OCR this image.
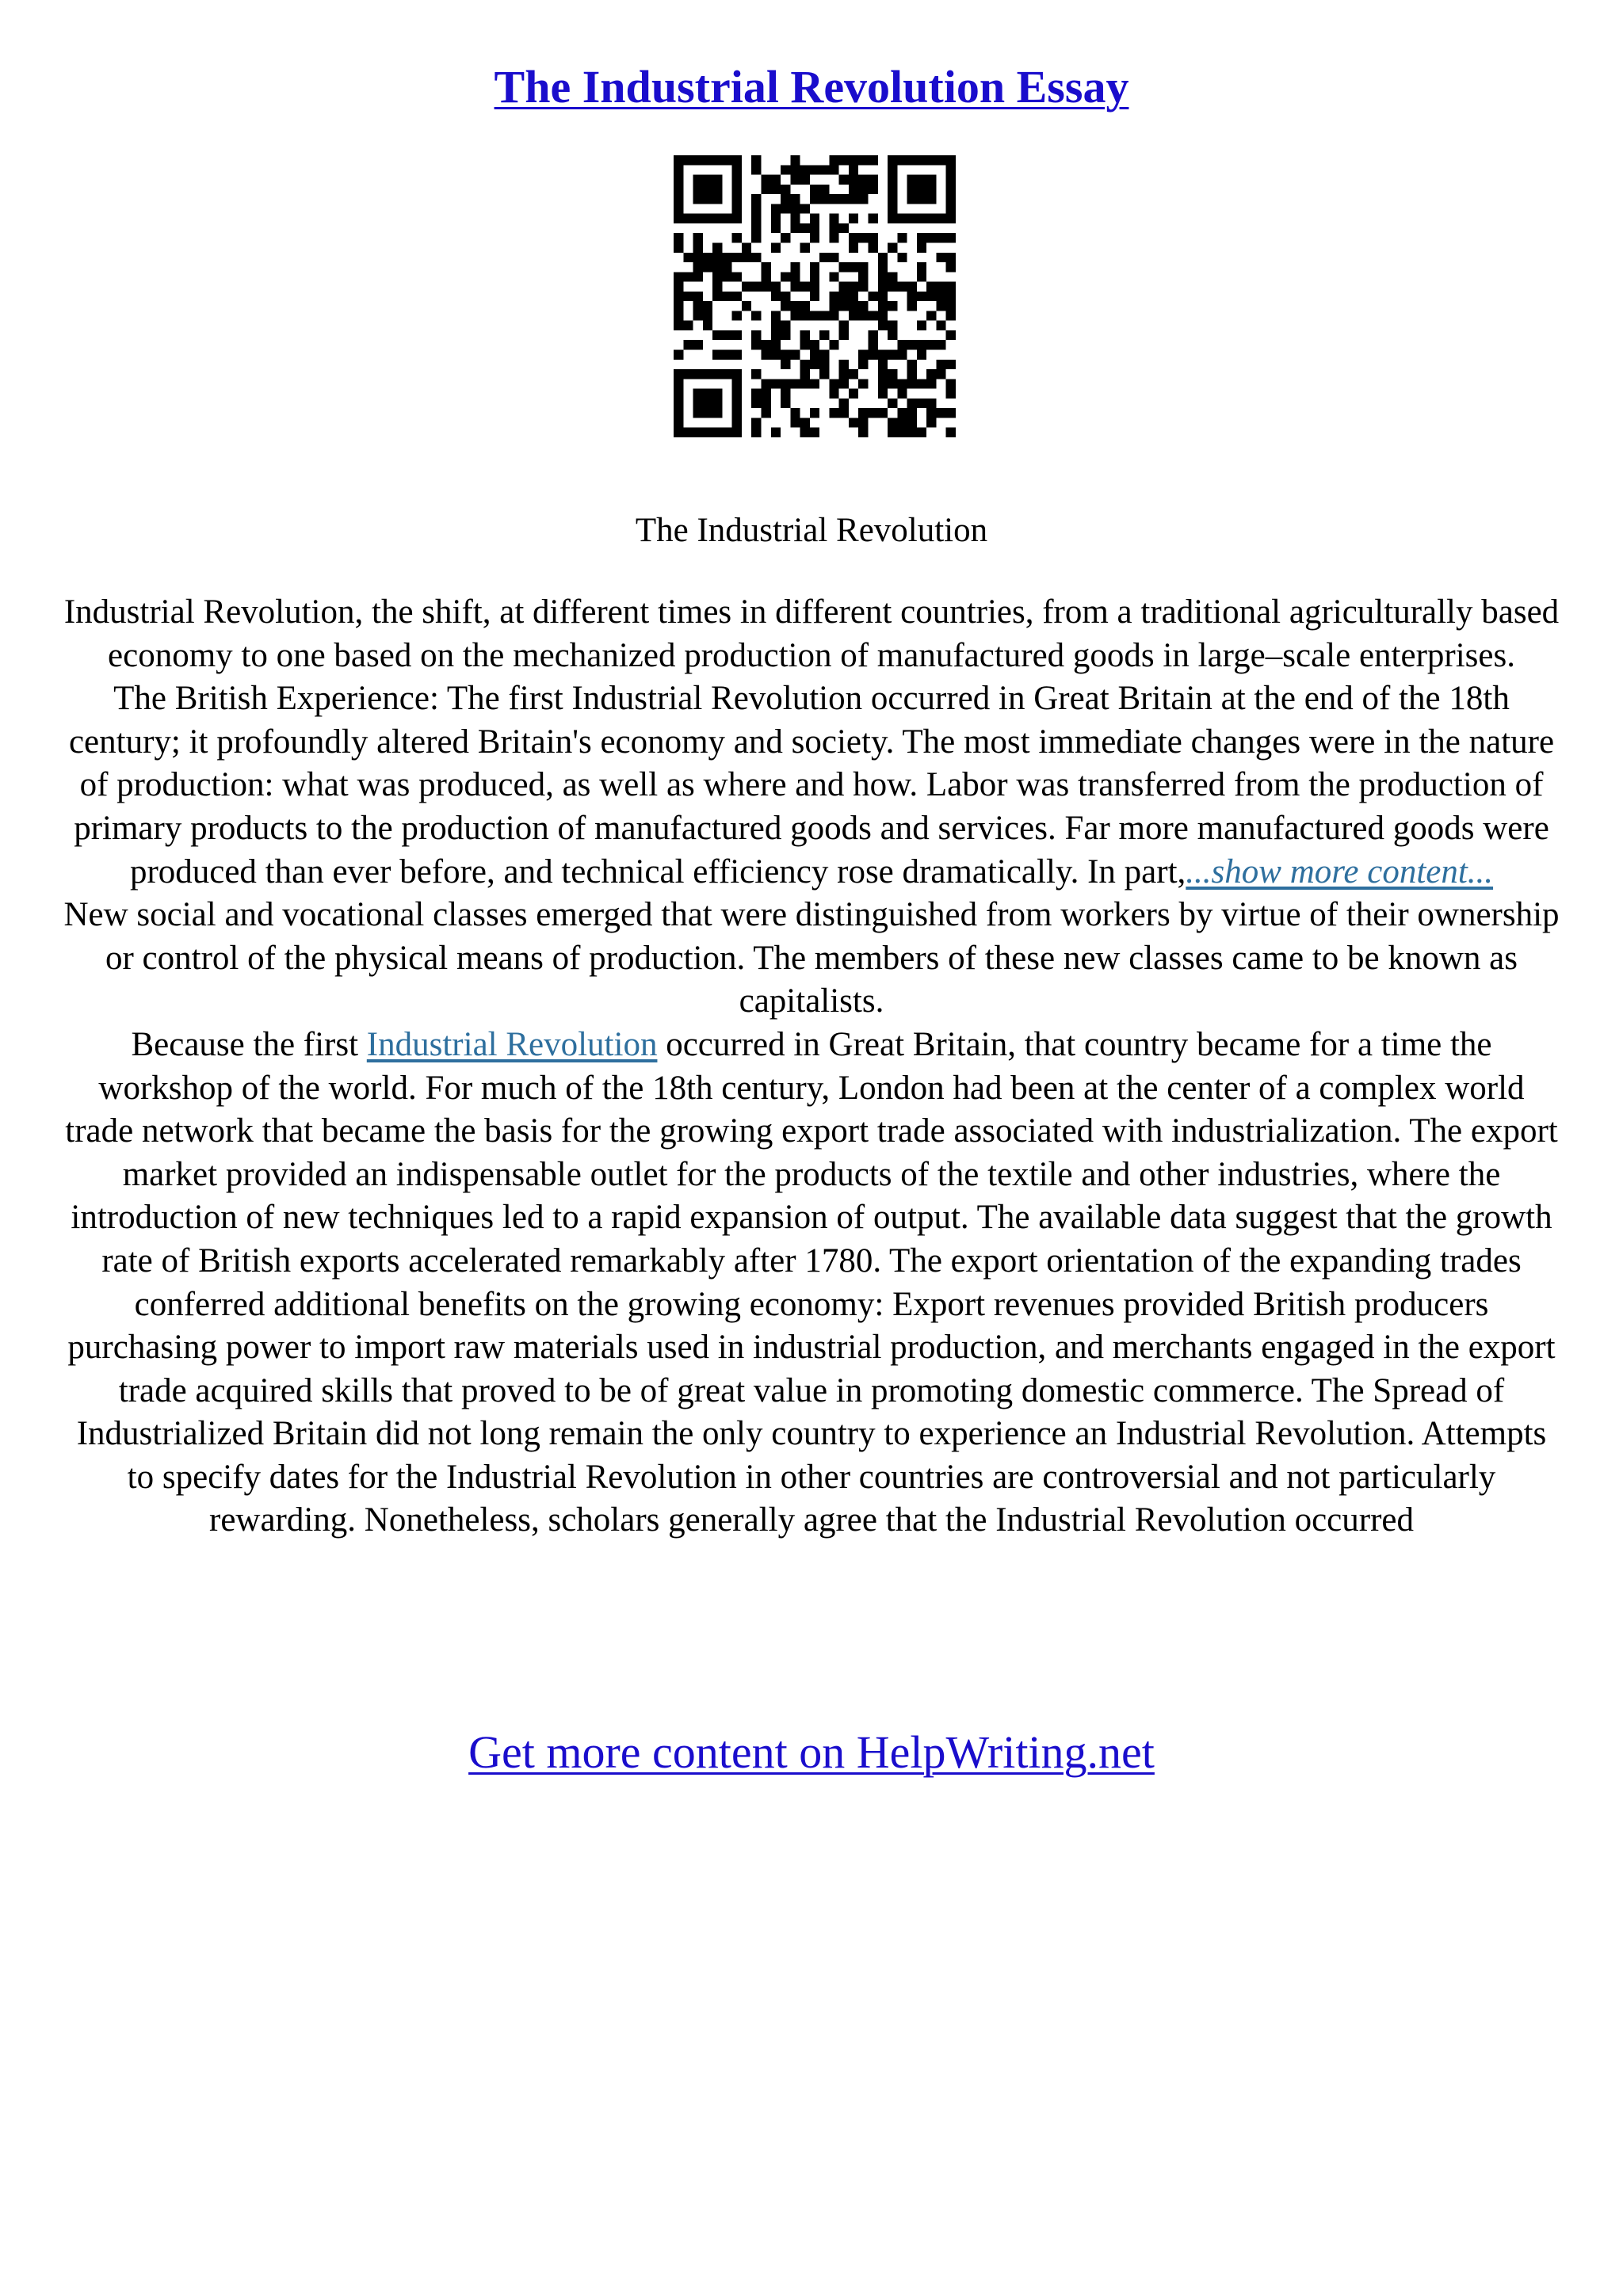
The Industrial Revolution Essay

The Industrial Revolution

Industrial Revolution, the shift, at different times in different countries, from a traditional agriculturally based economy to one based on the mechanized production of manufactured goods in large–scale enterprises.

The British Experience: The first Industrial Revolution occurred in Great Britain at the end of the 18th century; it profoundly altered Britain's economy and society. The most immediate changes were in the nature of production: what was produced, as well as where and how. Labor was transferred from the production of primary products to the production of manufactured goods and services. Far more manufactured goods were produced than ever before, and technical efficiency rose dramatically. In part,...show more content...

New social and vocational classes emerged that were distinguished from workers by virtue of their ownership or control of the physical means of production. The members of these new classes came to be known as capitalists.

Because the first Industrial Revolution occurred in Great Britain, that country became for a time the workshop of the world. For much of the 18th century, London had been at the center of a complex world trade network that became the basis for the growing export trade associated with industrialization. The export market provided an indispensable outlet for the products of the textile and other industries, where the introduction of new techniques led to a rapid expansion of output. The available data suggest that the growth rate of British exports accelerated remarkably after 1780. The export orientation of the expanding trades conferred additional benefits on the growing economy: Export revenues provided British producers purchasing power to import raw materials used in industrial production, and merchants engaged in the export trade acquired skills that proved to be of great value in promoting domestic commerce. The Spread of Industrialized Britain did not long remain the only country to experience an Industrial Revolution. Attempts to specify dates for the Industrial Revolution in other countries are controversial and not particularly rewarding. Nonetheless, scholars generally agree that the Industrial Revolution occurred

Get more content on HelpWriting.net
